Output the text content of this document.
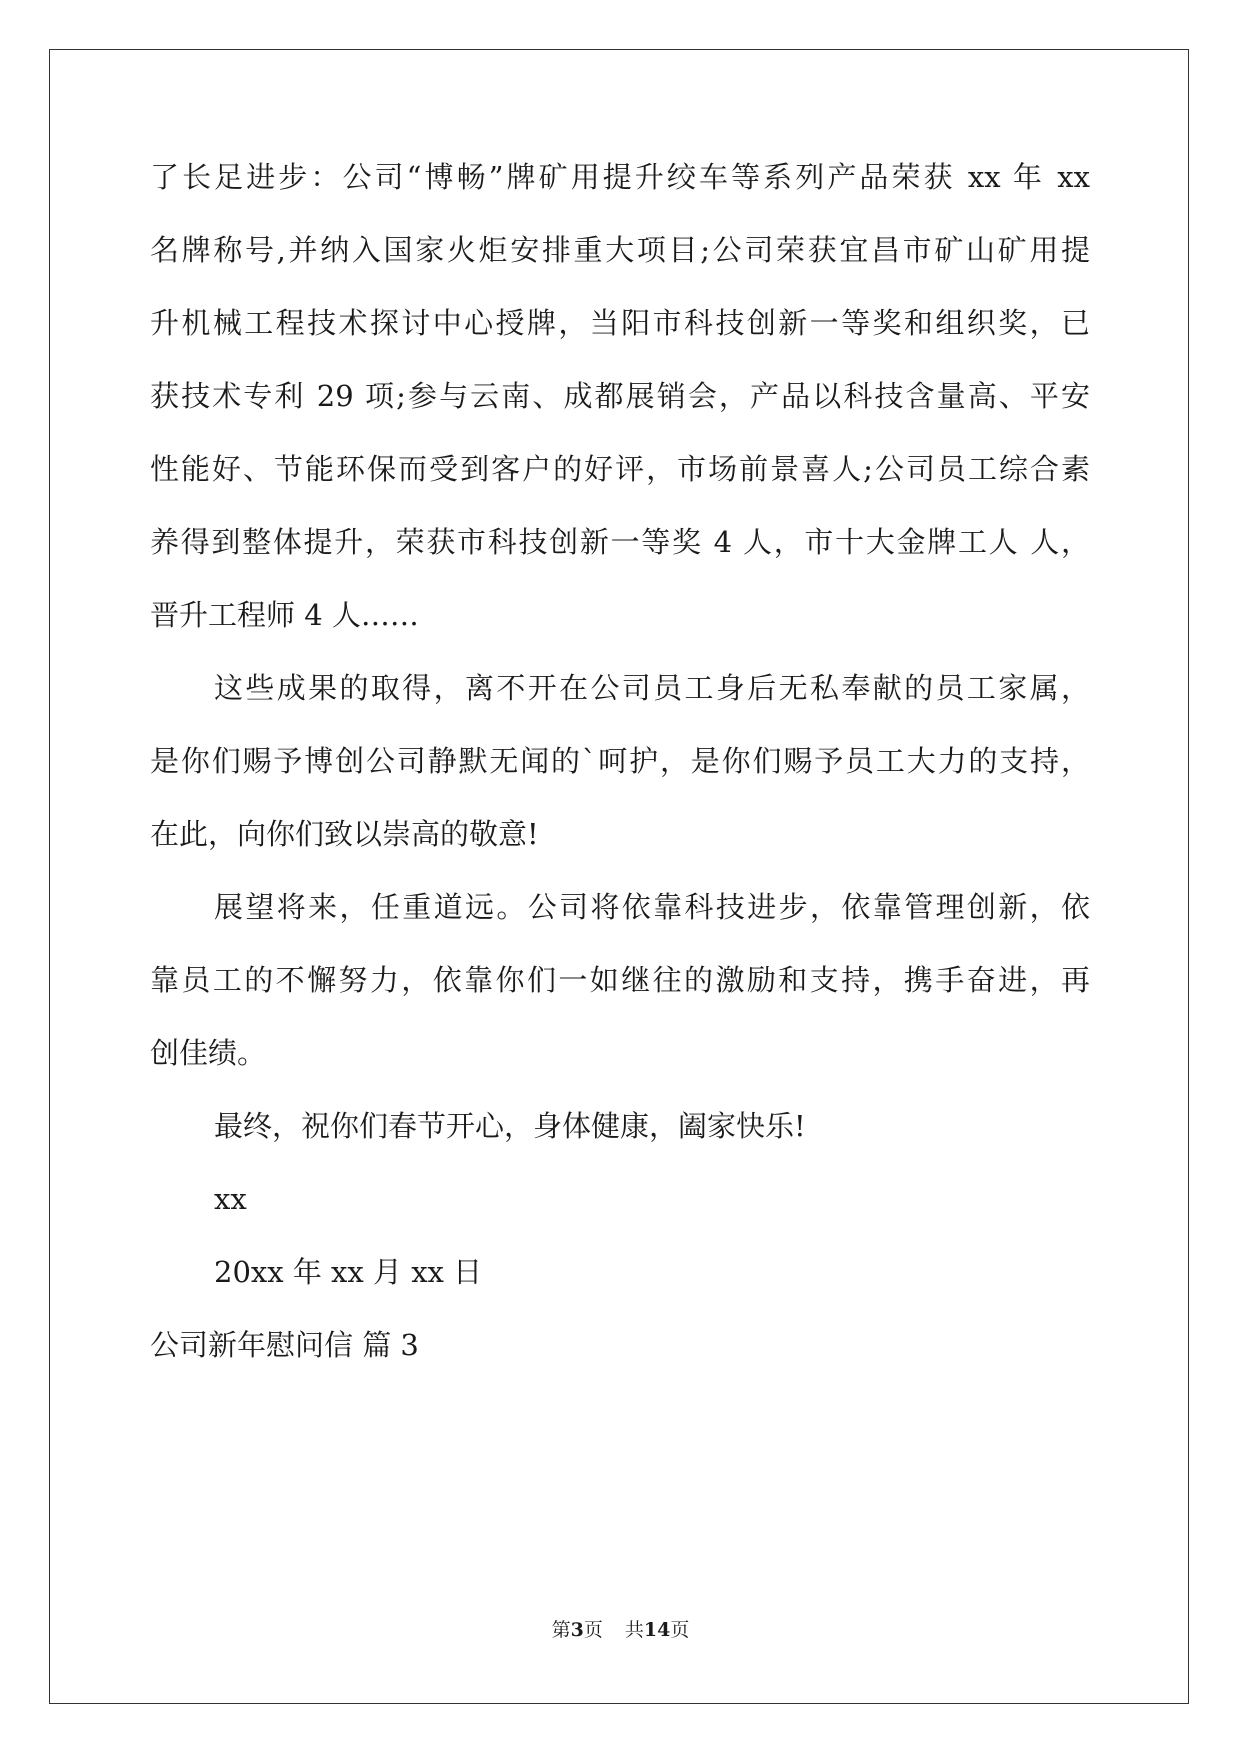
了长足进步：公司“博畅”牌矿用提升绞车等系列产品荣获 xx 年 xx
名牌称号,并纳入国家火炬安排重大项目;公司荣获宜昌市矿山矿用提
升机械工程技术探讨中心授牌，当阳市科技创新一等奖和组织奖，已
获技术专利 29 项;参与云南、成都展销会，产品以科技含量高、平安
性能好、节能环保而受到客户的好评，市场前景喜人;公司员工综合素
养得到整体提升，荣获市科技创新一等奖 4 人，市十大金牌工人 人，
晋升工程师 4 人……
这些成果的取得，离不开在公司员工身后无私奉献的员工家属，
是你们赐予博创公司静默无闻的`呵护，是你们赐予员工大力的支持，
在此，向你们致以崇高的敬意!
展望将来，任重道远。公司将依靠科技进步，依靠管理创新，依
靠员工的不懈努力，依靠你们一如继往的激励和支持，携手奋进，再
创佳绩。
最终，祝你们春节开心，身体健康，阖家快乐!
xx
20xx 年 xx 月 xx 日
公司新年慰问信 篇 3
第3页 共14页
